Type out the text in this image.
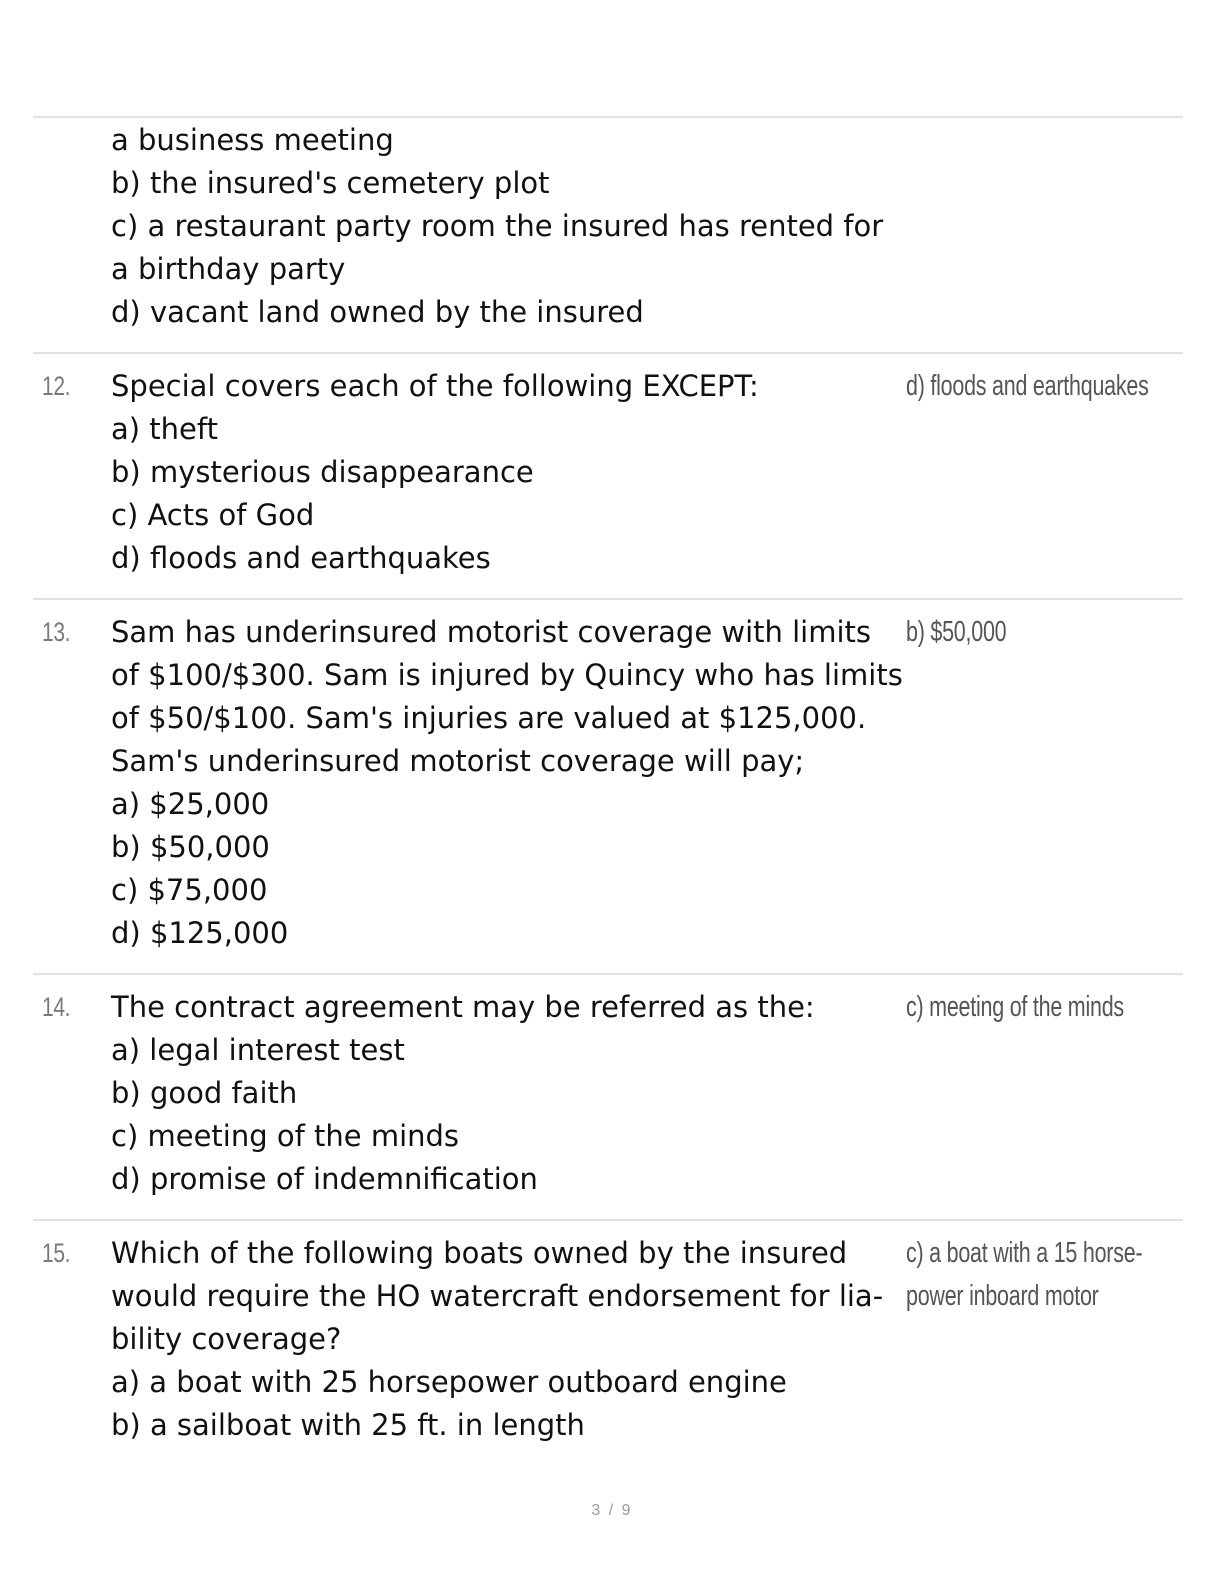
a business meeting
b) the insured's cemetery plot
c) a restaurant party room the insured has rented for
a birthday party
d) vacant land owned by the insured
12. Special covers each of the following EXCEPT:
a) theft
b) mysterious disappearance
c) Acts of God
d) floods and earthquakes
d) floods and earthquakes
13. Sam has underinsured motorist coverage with limits
of $100/$300. Sam is injured by Quincy who has limits
of $50/$100. Sam's injuries are valued at $125,000.
Sam's underinsured motorist coverage will pay;
a) $25,000
b) $50,000
c) $75,000
d) $125,000
b) $50,000
14. The contract agreement may be referred as the:
a) legal interest test
b) good faith
c) meeting of the minds
d) promise of indemnification
c) meeting of the minds
15. Which of the following boats owned by the insured
would require the HO watercraft endorsement for lia-
bility coverage?
a) a boat with 25 horsepower outboard engine
b) a sailboat with 25 ft. in length
c) a boat with a 15 horse-
power inboard motor
3 / 9
